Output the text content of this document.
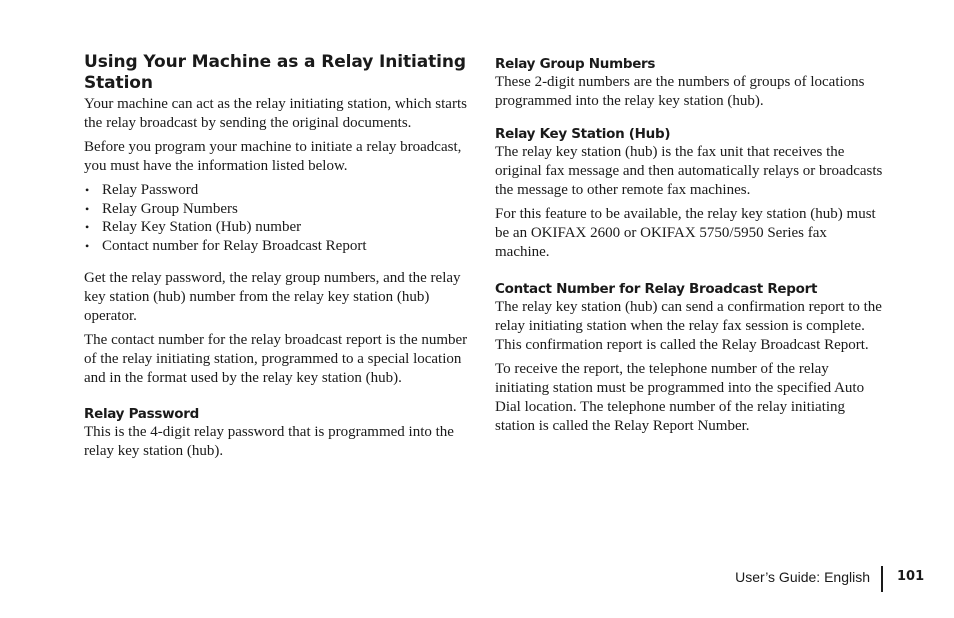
Using Your Machine as a Relay Initiating Station

Your machine can act as the relay initiating station, which starts the relay broadcast by sending the original documents.

Before you program your machine to initiate a relay broadcast, you must have the information listed below.

• Relay Password
• Relay Group Numbers
• Relay Key Station (Hub) number
• Contact number for Relay Broadcast Report

Get the relay password, the relay group numbers, and the relay key station (hub) number from the relay key station (hub) operator.

The contact number for the relay broadcast report is the number of the relay initiating station, programmed to a special location and in the format used by the relay key station (hub).

Relay Password

This is the 4-digit relay password that is programmed into the relay key station (hub).

Relay Group Numbers

These 2-digit numbers are the numbers of groups of locations programmed into the relay key station (hub).

Relay Key Station (Hub)

The relay key station (hub) is the fax unit that receives the original fax message and then automatically relays or broadcasts the message to other remote fax machines.

For this feature to be available, the relay key station (hub) must be an OKIFAX 2600 or OKIFAX 5750/5950 Series fax machine.

Contact Number for Relay Broadcast Report

The relay key station (hub) can send a confirmation report to the relay initiating station when the relay fax session is complete. This confirmation report is called the Relay Broadcast Report.

To receive the report, the telephone number of the relay initiating station must be programmed into the specified Auto Dial location. The telephone number of the relay initiating station is called the Relay Report Number.

User’s Guide: English 101
